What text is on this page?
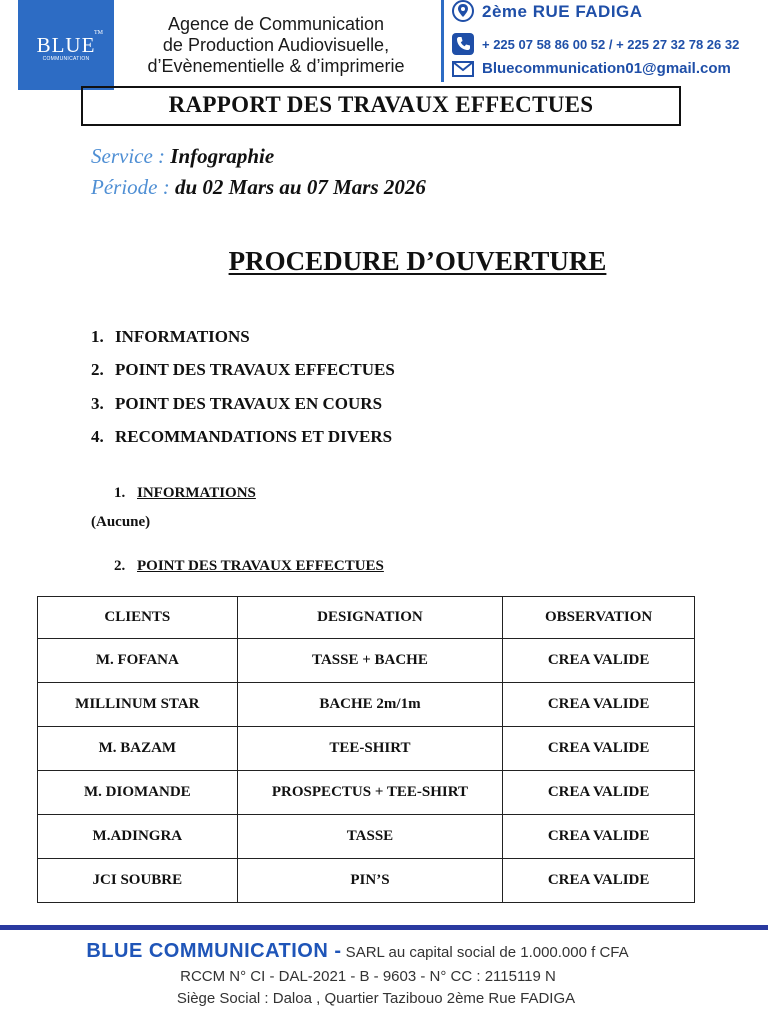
BLUE
TM
COMMUNICATION
Agence de Communication
de Production Audiovisuelle,
d’Evènementielle & d’imprimerie
2ème RUE FADIGA
+ 225 07 58 86 00 52 / + 225 27 32 78 26 32
Bluecommunication01@gmail.com
RAPPORT DES TRAVAUX EFFECTUES
Service : Infographie
Période : du 02 Mars au 07 Mars 2026
PROCEDURE D’OUVERTURE
1. INFORMATIONS
2. POINT DES TRAVAUX EFFECTUES
3. POINT DES TRAVAUX EN COURS
4. RECOMMANDATIONS ET DIVERS
1. INFORMATIONS
(Aucune)
2. POINT DES TRAVAUX EFFECTUES
CLIENTS	DESIGNATION	OBSERVATION
M. FOFANA	TASSE + BACHE	CREA VALIDE
MILLINUM STAR	BACHE 2m/1m	CREA VALIDE
M. BAZAM	TEE-SHIRT	CREA VALIDE
M. DIOMANDE	PROSPECTUS + TEE-SHIRT	CREA VALIDE
M.ADINGRA	TASSE	CREA VALIDE
JCI SOUBRE	PIN’S	CREA VALIDE
BLUE COMMUNICATION - SARL au capital social de 1.000.000 f CFA
RCCM N° CI - DAL-2021 - B - 9603 - N° CC : 2115119 N
Siège Social : Daloa , Quartier Tazibouo 2ème Rue FADIGA
